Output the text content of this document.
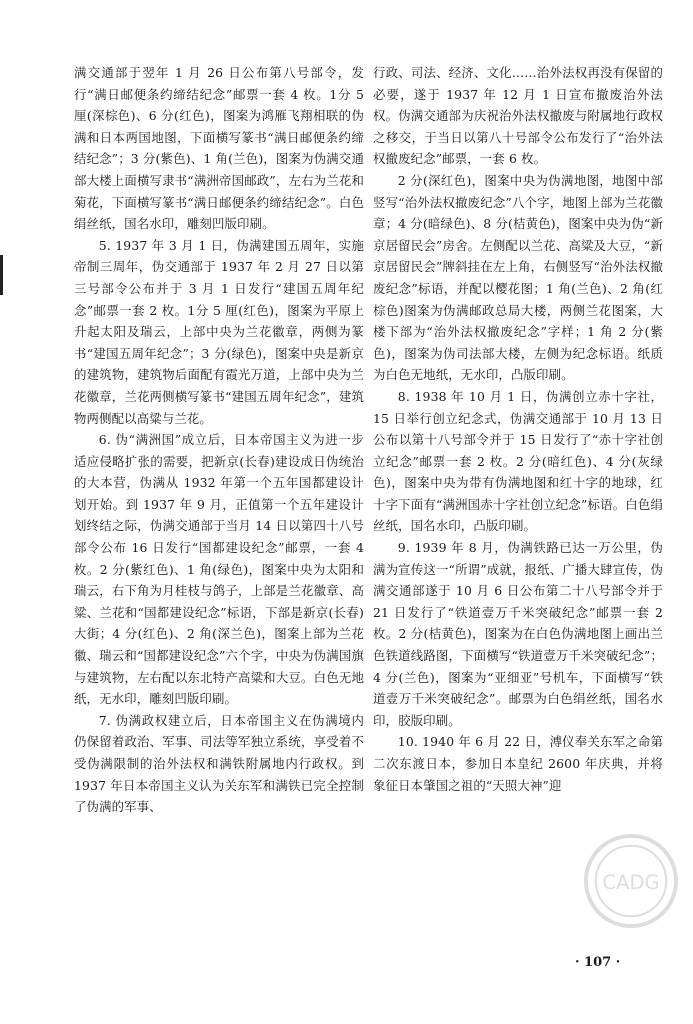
满交通部于翌年 1 月 26 日公布第八号部令，发行“满日邮便条约缔结纪念”邮票一套 4 枚。1分 5 厘(深棕色)、6 分(红色)，图案为鸿雁飞翔相联的伪满和日本两国地图，下面横写篆书“满日邮便条约缔结纪念”；3 分(紫色)、1 角(兰色)，图案为伪满交通部大楼上面横写隶书“满洲帝国邮政”，左右为兰花和菊花，下面横写篆书“满日邮便条约缔结纪念”。白色绢丝纸，国名水印，雕刻凹版印刷。

5. 1937 年 3 月 1 日，伪满建国五周年，实施帝制三周年，伪交通部于 1937 年 2 月 27 日以第三号部令公布并于 3 月 1 日发行“建国五周年纪念”邮票一套 2 枚。1分 5 厘(红色)，图案为平原上升起太阳及瑞云，上部中央为兰花徽章，两侧为篆书“建国五周年纪念”；3 分(绿色)，图案中央是新京的建筑物，建筑物后面配有霞光万道，上部中央为兰花徽章，兰花两侧横写篆书“建国五周年纪念”，建筑物两侧配以高粱与兰花。

6. 伪“满洲国”成立后，日本帝国主义为进一步适应侵略扩张的需要，把新京(长春)建设成日伪统治的大本营，伪满从 1932 年第一个五年国都建设计划开始。到 1937 年 9 月，正值第一个五年建设计划终结之际，伪满交通部于当月 14 日以第四十八号部令公布 16 日发行“国都建设纪念”邮票，一套 4 枚。2 分(紫红色)、1 角(绿色)，图案中央为太阳和瑞云，右下角为月桂枝与鸽子，上部是兰花徽章、高粱、兰花和“国都建设纪念”标语，下部是新京(长春)大街；4 分(红色)、2 角(深兰色)，图案上部为兰花徽、瑞云和“国都建设纪念”六个字，中央为伪满国旗与建筑物，左右配以东北特产高粱和大豆。白色无地纸，无水印，雕刻凹版印刷。

7. 伪满政权建立后，日本帝国主义在伪满境内仍保留着政治、军事、司法等军独立系统，享受着不受伪满限制的治外法权和满铁附属地内行政权。到 1937 年日本帝国主义认为关东军和满铁已完全控制了伪满的军事、

行政、司法、经济、文化……治外法权再没有保留的必要，遂于 1937 年 12 月 1 日宣布撤废治外法权。伪满交通部为庆祝治外法权撤废与附属地行政权之移交，于当日以第八十号部令公布发行了“治外法权撤废纪念”邮票，一套 6 枚。

2 分(深红色)，图案中央为伪满地图，地图中部竖写“治外法权撤废纪念”八个字，地图上部为兰花徽章；4 分(暗绿色)、8 分(桔黄色)，图案中央为伪“新京居留民会”房舍。左侧配以兰花、高粱及大豆，“新京居留民会”牌斜挂在左上角，右侧竖写“治外法权撤废纪念”标语，并配以樱花图；1 角(兰色)、2 角(红棕色)图案为伪满邮政总局大楼，两侧兰花图案，大楼下部为“治外法权撤废纪念”字样；1 角 2 分(紫色)，图案为伪司法部大楼，左侧为纪念标语。纸质为白色无地纸，无水印，凸版印刷。

8. 1938 年 10 月 1 日，伪满创立赤十字社，15 日举行创立纪念式，伪满交通部于 10 月 13 日公布以第十八号部令并于 15 日发行了“赤十字社创立纪念”邮票一套 2 枚。2 分(暗红色)、4 分(灰绿色)，图案中央为带有伪满地图和红十字的地球，红十字下面有“满洲国赤十字社创立纪念”标语。白色绢丝纸，国名水印，凸版印刷。

9. 1939 年 8 月，伪满铁路已达一万公里，伪满为宣传这一“所谓”成就，报纸、广播大肆宣传，伪满交通部遂于 10 月 6 日公布第二十八号部令并于 21 日发行了“铁道壹万千米突破纪念”邮票一套 2 枚。2 分(桔黄色)，图案为在白色伪满地图上画出兰色铁道线路图，下面横写“铁道壹万千米突破纪念”；4 分(兰色)，图案为“亚细亚”号机车，下面横写“铁道壹万千米突破纪念”。邮票为白色绢丝纸，国名水印，胶版印刷。

10. 1940 年 6 月 22 日，溥仪奉关东军之命第二次东渡日本，参加日本皇纪 2600 年庆典，并将象征日本肇国之祖的“天照大神”迎

· 107 ·
CADG
